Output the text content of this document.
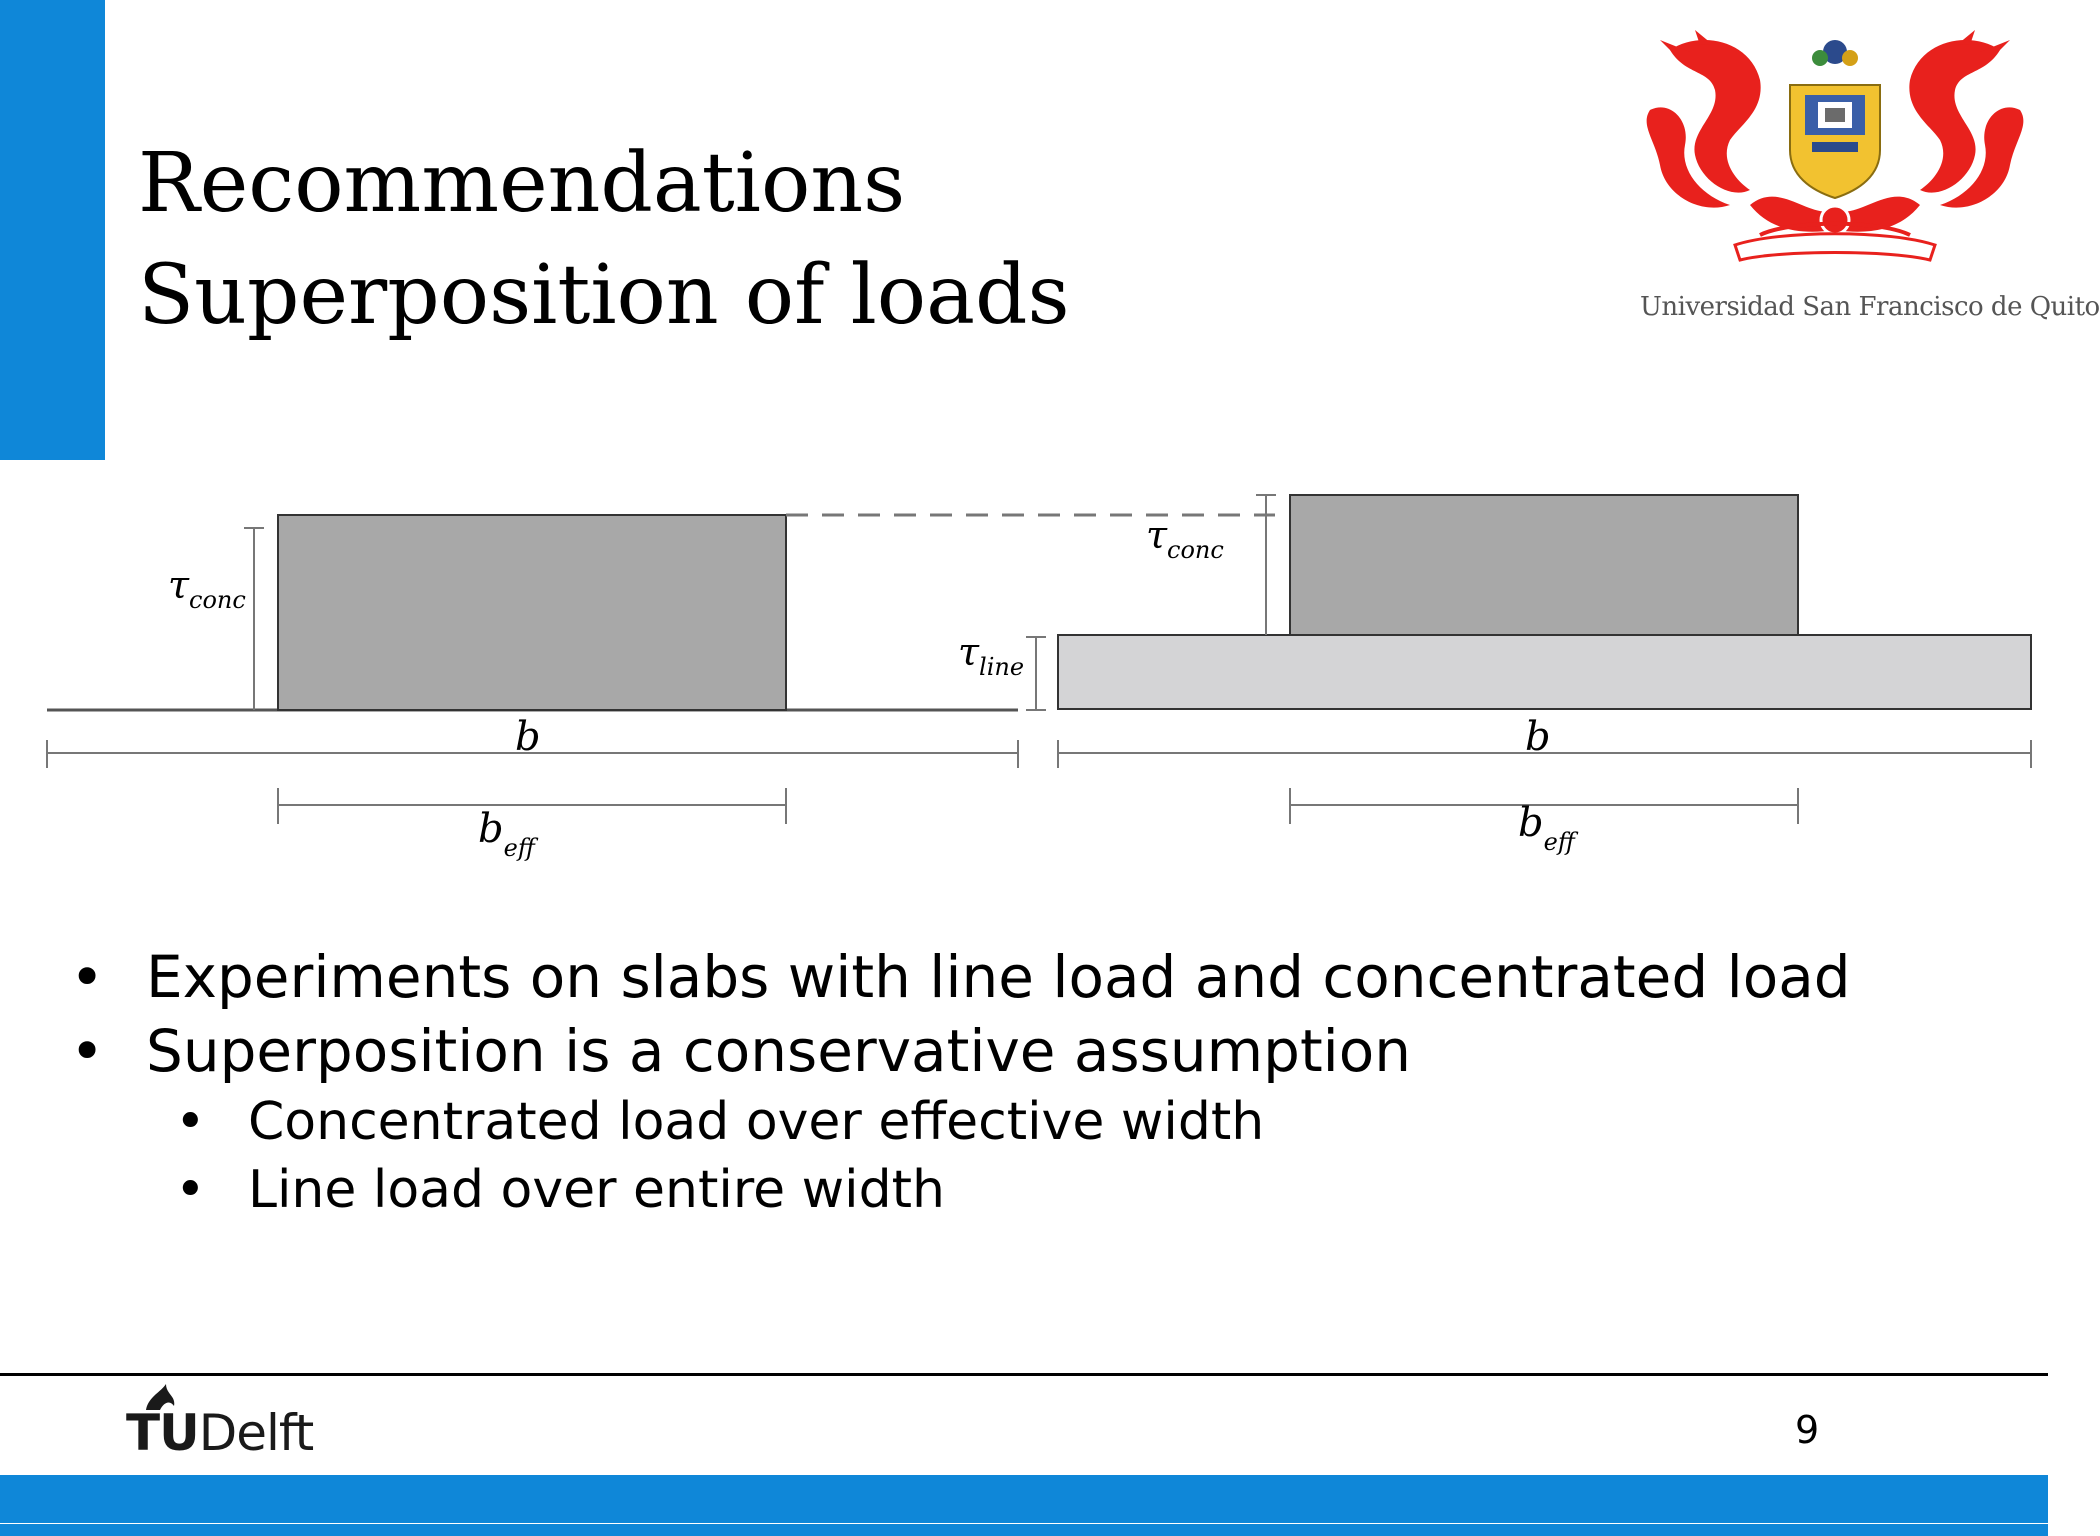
Recommendations
Superposition of loads	Universidad San Francisco de Quito
$\tau_{conc}$
b
$b_{eff}$
$\tau_{conc}$
$\tau_{line}$
b
$b_{eff}$
• Experiments on slabs with line load and concentrated load
• Superposition is a conservative assumption
• Concentrated load over effective width
• Line load over entire width
TUDelft	9
